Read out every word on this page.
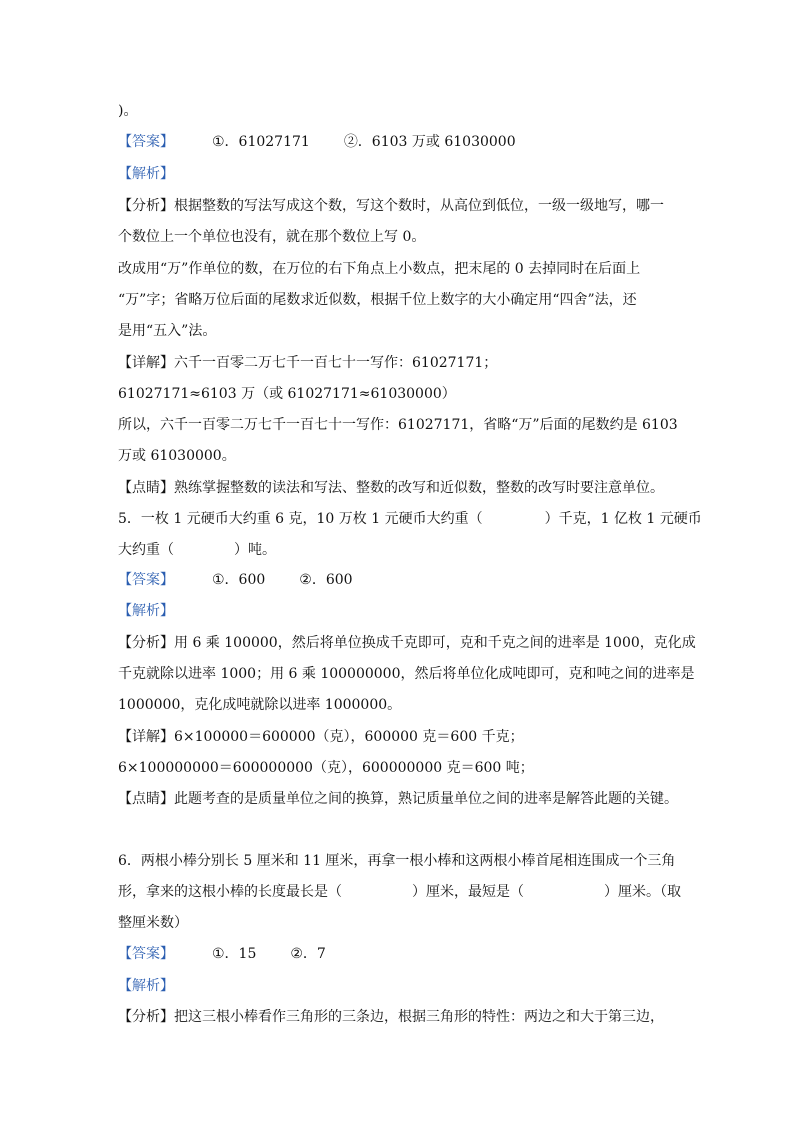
)。
【答案】	①．61027171 ②．6103 万或 61030000
【解析】
【分析】根据整数的写法写成这个数，写这个数时，从高位到低位，一级一级地写，哪一
个数位上一个单位也没有，就在那个数位上写 0。
改成用“万”作单位的数，在万位的右下角点上小数点，把末尾的 0 去掉同时在后面上
“万”字；省略万位后面的尾数求近似数，根据千位上数字的大小确定用“四舍”法，还
是用“五入”法。
【详解】六千一百零二万七千一百七十一写作：61027171；
61027171≈6103 万（或 61027171≈61030000）
所以，六千一百零二万七千一百七十一写作：61027171，省略“万”后面的尾数约是 6103
万或 61030000。
【点睛】熟练掌握整数的读法和写法、整数的改写和近似数，整数的改写时要注意单位。
5．一枚 1 元硬币大约重 6 克，10 万枚 1 元硬币大约重（	）千克，1 亿枚 1 元硬币
大约重（	）吨。
【答案】	①．600 ②．600
【解析】
【分析】用 6 乘 100000，然后将单位换成千克即可，克和千克之间的进率是 1000，克化成
千克就除以进率 1000；用 6 乘 100000000，然后将单位化成吨即可，克和吨之间的进率是
1000000，克化成吨就除以进率 1000000。
【详解】6×100000＝600000（克），600000 克＝600 千克；
6×100000000＝600000000（克），600000000 克＝600 吨；
【点睛】此题考查的是质量单位之间的换算，熟记质量单位之间的进率是解答此题的关键。
6．两根小棒分别长 5 厘米和 11 厘米，再拿一根小棒和这两根小棒首尾相连围成一个三角
形，拿来的这根小棒的长度最长是（	）厘米，最短是（	）厘米。（取
整厘米数）
【答案】	①．15 ②．7
【解析】
【分析】把这三根小棒看作三角形的三条边，根据三角形的特性：两边之和大于第三边，
